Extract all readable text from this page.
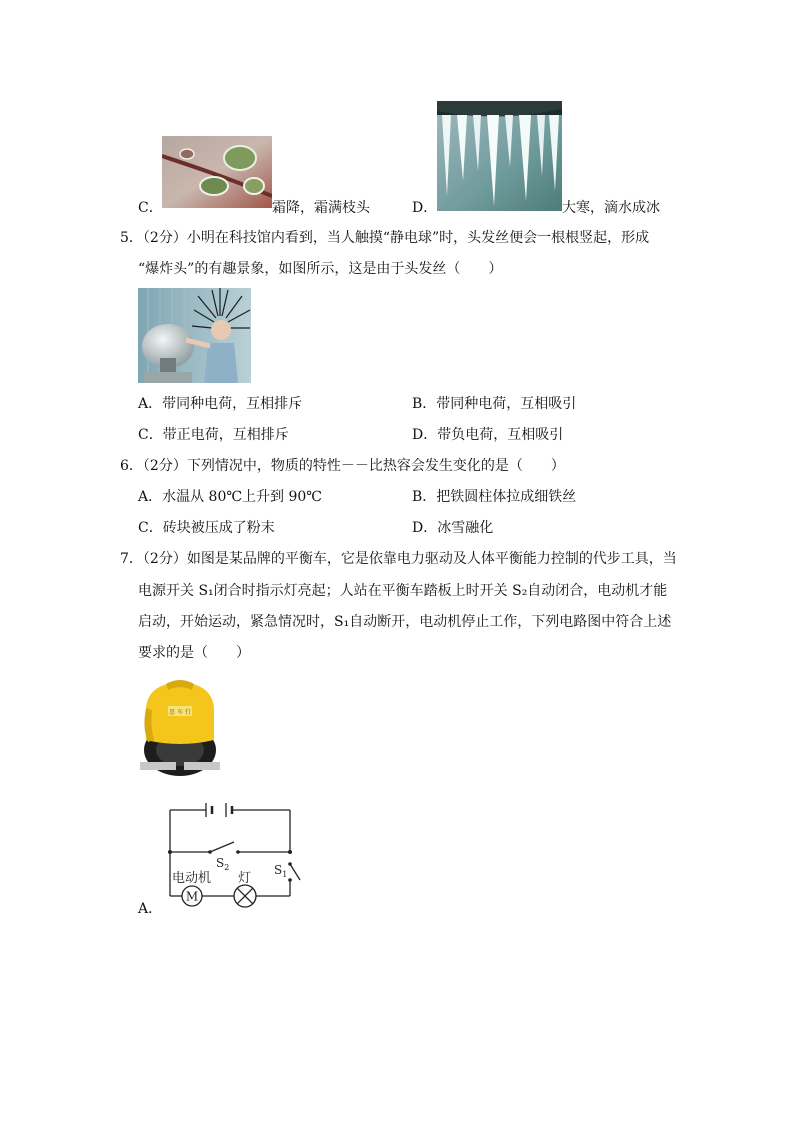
C．	霜降，霜满枝头	D．	大寒，滴水成冰
5．（2分）小明在科技馆内看到，当人触摸“静电球”时，头发丝便会一根根竖起，形成
“爆炸头”的有趣景象，如图所示，这是由于头发丝（　　）
A．带同种电荷，互相排斥	B．带同种电荷，互相吸引
C．带正电荷，互相排斥	D．带负电荷，互相吸引
6．（2分）下列情况中，物质的特性－－比热容会发生变化的是（　　）
A．水温从 80℃上升到 90℃	B．把铁圆柱体拉成细铁丝
C．砖块被压成了粉末	D．冰雪融化
7．（2分）如图是某品牌的平衡车，它是依靠电力驱动及人体平衡能力控制的代步工具，当
电源开关 S₁闭合时指示灯亮起；人站在平衡车踏板上时开关 S₂自动闭合，电动机才能
启动，开始运动，紧急情况时，S₁自动断开，电动机停止工作，下列电路图中符合上述
要求的是（　　）
思 车 行
M
$S_2$	$S_1$
电动机 灯
A．
